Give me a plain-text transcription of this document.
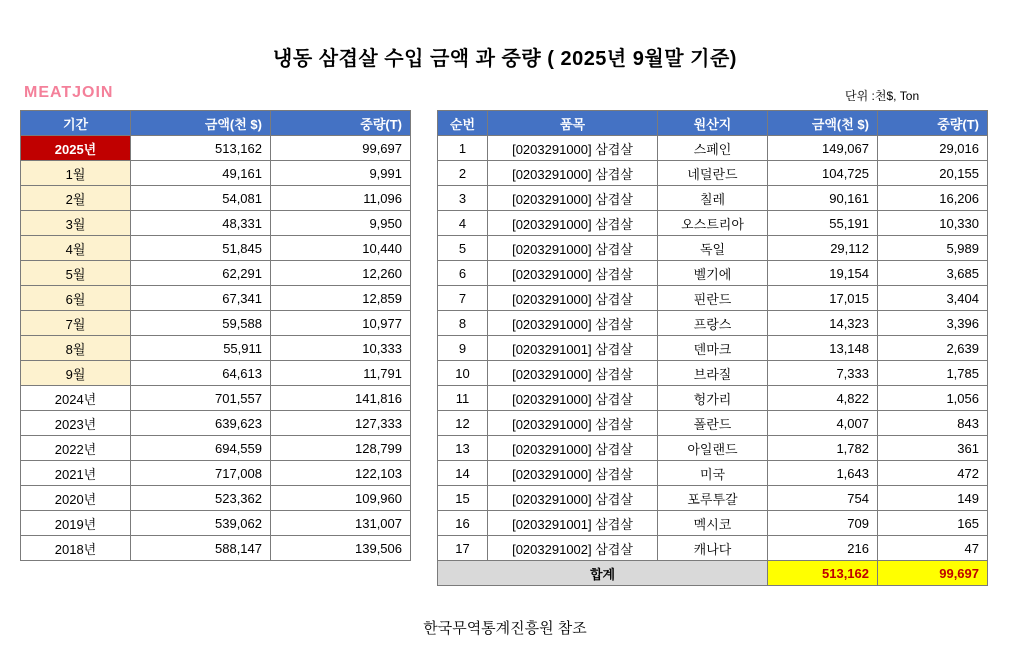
냉동 삼겹살 수입 금액 과 중량 ( 2025년 9월말 기준)
MEATJOIN	단위 :천$, Ton
기간	금액(천 $)	중량(T)
2025년	513,162	99,697
1월	49,161	9,991
2월	54,081	11,096
3월	48,331	9,950
4월	51,845	10,440
5월	62,291	12,260
6월	67,341	12,859
7월	59,588	10,977
8월	55,911	10,333
9월	64,613	11,791
2024년	701,557	141,816
2023년	639,623	127,333
2022년	694,559	128,799
2021년	717,008	122,103
2020년	523,362	109,960
2019년	539,062	131,007
2018년	588,147	139,506
순번	품목	원산지	금액(천 $)	중량(T)
1	[0203291000] 삼겹살	스페인	149,067	29,016
2	[0203291000] 삼겹살	네덜란드	104,725	20,155
3	[0203291000] 삼겹살	칠레	90,161	16,206
4	[0203291000] 삼겹살	오스트리아	55,191	10,330
5	[0203291000] 삼겹살	독일	29,112	5,989
6	[0203291000] 삼겹살	벨기에	19,154	3,685
7	[0203291000] 삼겹살	핀란드	17,015	3,404
8	[0203291000] 삼겹살	프랑스	14,323	3,396
9	[0203291001] 삼겹살	덴마크	13,148	2,639
10	[0203291000] 삼겹살	브라질	7,333	1,785
11	[0203291000] 삼겹살	헝가리	4,822	1,056
12	[0203291000] 삼겹살	폴란드	4,007	843
13	[0203291000] 삼겹살	아일랜드	1,782	361
14	[0203291000] 삼겹살	미국	1,643	472
15	[0203291000] 삼겹살	포루투갈	754	149
16	[0203291001] 삼겹살	멕시코	709	165
17	[0203291002] 삼겹살	캐나다	216	47
합계			513,162	99,697
한국무역통계진흥원 참조
